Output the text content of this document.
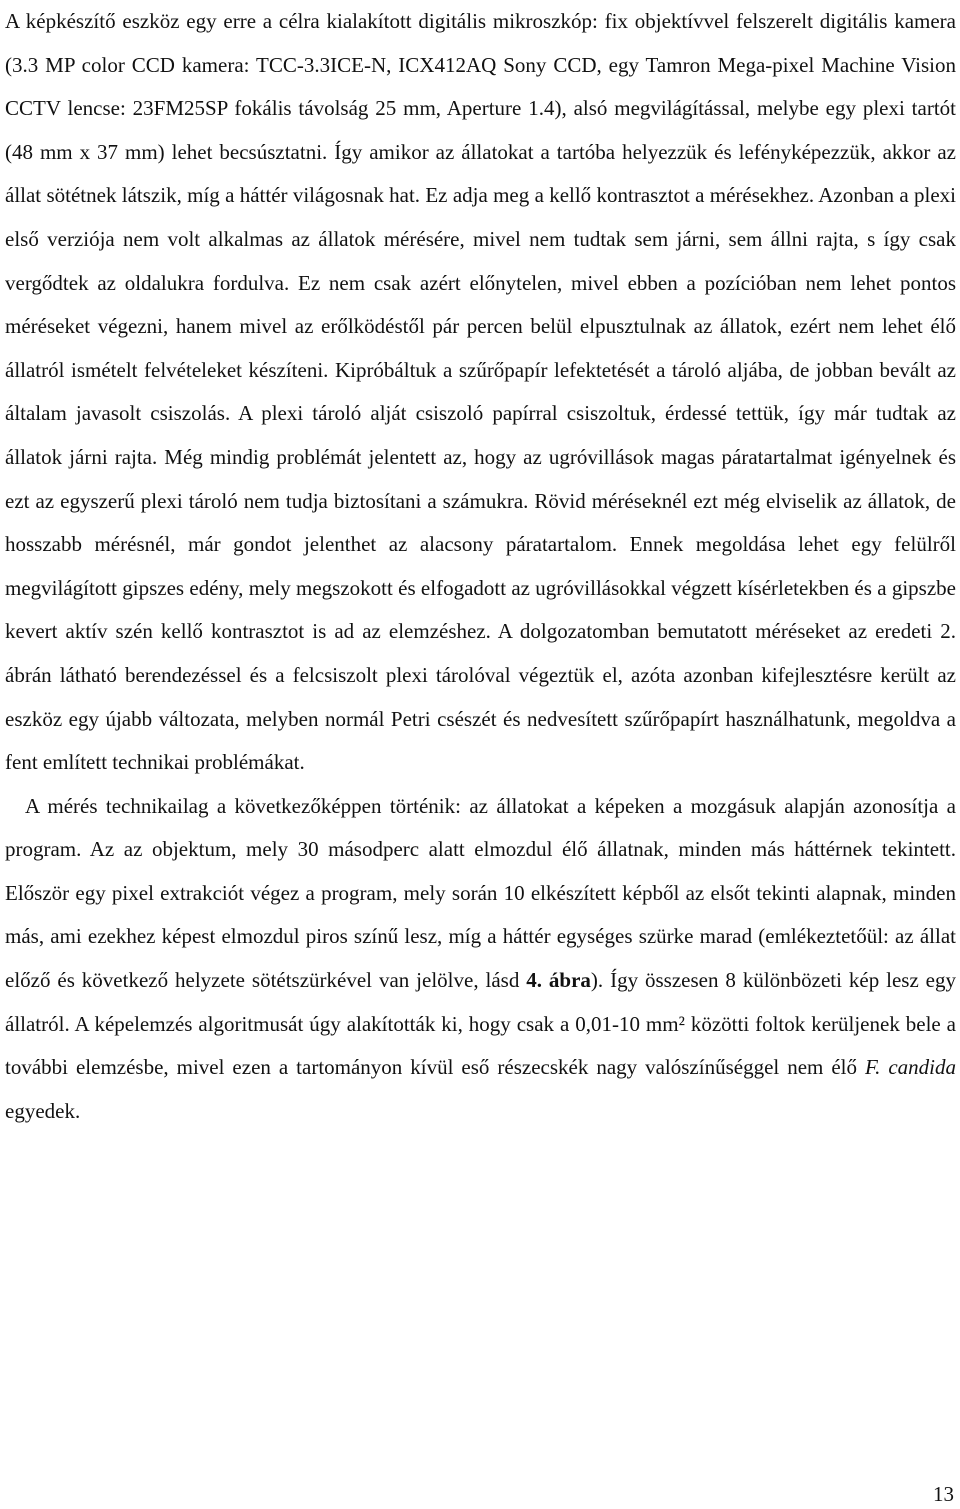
A képkészítő eszköz egy erre a célra kialakított digitális mikroszkóp: fix objektívvel felszerelt digitális kamera (3.3 MP color CCD kamera: TCC-3.3ICE-N, ICX412AQ Sony CCD, egy Tamron Mega-pixel Machine Vision CCTV lencse: 23FM25SP fokális távolság 25 mm, Aperture 1.4), alsó megvilágítással, melybe egy plexi tartót (48 mm x 37 mm) lehet becsúsztatni. Így amikor az állatokat a tartóba helyezzük és lefényképezzük, akkor az állat sötétnek látszik, míg a háttér világosnak hat. Ez adja meg a kellő kontrasztot a mérésekhez. Azonban a plexi első verziója nem volt alkalmas az állatok mérésére, mivel nem tudtak sem járni, sem állni rajta, s így csak vergődtek az oldalukra fordulva. Ez nem csak azért előnytelen, mivel ebben a pozícióban nem lehet pontos méréseket végezni, hanem mivel az erőlködéstől pár percen belül elpusztulnak az állatok, ezért nem lehet élő állatról ismételt felvételeket készíteni. Kipróbáltuk a szűrőpapír lefektetését a tároló aljába, de jobban bevált az általam javasolt csiszolás. A plexi tároló alját csiszoló papírral csiszoltuk, érdessé tettük, így már tudtak az állatok járni rajta. Még mindig problémát jelentett az, hogy az ugróvillások magas páratartalmat igényelnek és ezt az egyszerű plexi tároló nem tudja biztosítani a számukra. Rövid méréseknél ezt még elviselik az állatok, de hosszabb mérésnél, már gondot jelenthet az alacsony páratartalom. Ennek megoldása lehet egy felülről megvilágított gipszes edény, mely megszokott és elfogadott az ugróvillásokkal végzett kísérletekben és a gipszbe kevert aktív szén kellő kontrasztot is ad az elemzéshez. A dolgozatomban bemutatott méréseket az eredeti 2. ábrán látható berendezéssel és a felcsiszolt plexi tárolóval végeztük el, azóta azonban kifejlesztésre került az eszköz egy újabb változata, melyben normál Petri csészét és nedvesített szűrőpapírt használhatunk, megoldva a fent említett technikai problémákat.

A mérés technikailag a következőképpen történik: az állatokat a képeken a mozgásuk alapján azonosítja a program. Az az objektum, mely 30 másodperc alatt elmozdul élő állatnak, minden más háttérnek tekintett. Először egy pixel extrakciót végez a program, mely során 10 elkészített képből az elsőt tekinti alapnak, minden más, ami ezekhez képest elmozdul piros színű lesz, míg a háttér egységes szürke marad (emlékeztetőül: az állat előző és következő helyzete sötétszürkével van jelölve, lásd 4. ábra). Így összesen 8 különbözeti kép lesz egy állatról. A képelemzés algoritmusát úgy alakították ki, hogy csak a 0,01-10 mm² közötti foltok kerüljenek bele a további elemzésbe, mivel ezen a tartományon kívül eső részecskék nagy valószínűséggel nem élő F. candida egyedek.

13
